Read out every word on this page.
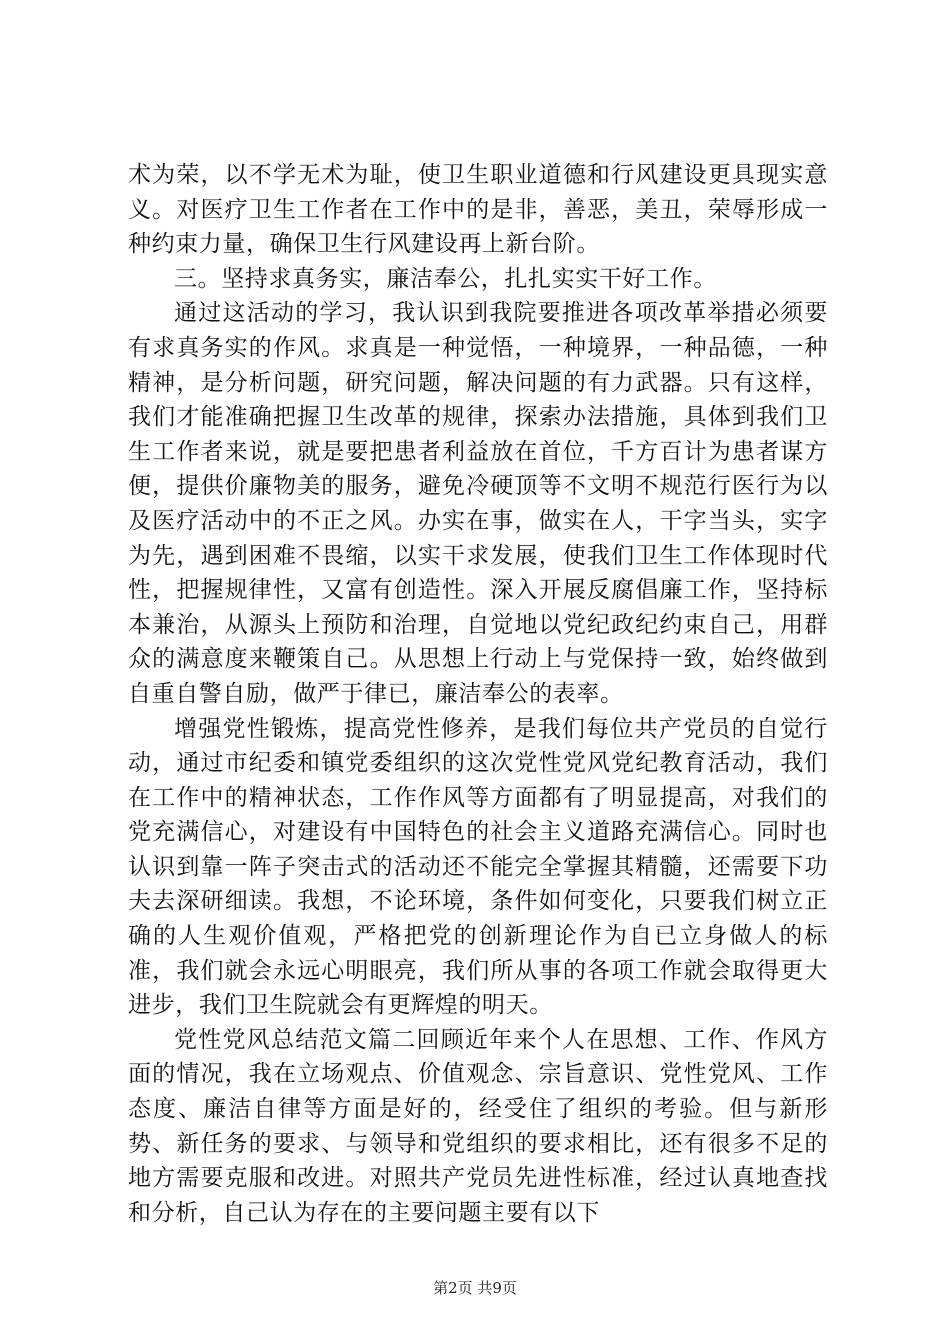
术为荣，以不学无术为耻，使卫生职业道德和行风建设更具现实意义。对医疗卫生工作者在工作中的是非，善恶，美丑，荣辱形成一种约束力量，确保卫生行风建设再上新台阶。

三。坚持求真务实，廉洁奉公，扎扎实实干好工作。

通过这活动的学习，我认识到我院要推进各项改革举措必须要有求真务实的作风。求真是一种觉悟，一种境界，一种品德，一种精神，是分析问题，研究问题，解决问题的有力武器。只有这样，我们才能准确把握卫生改革的规律，探索办法措施，具体到我们卫生工作者来说，就是要把患者利益放在首位，千方百计为患者谋方便，提供价廉物美的服务，避免冷硬顶等不文明不规范行医行为以及医疗活动中的不正之风。办实在事，做实在人，干字当头，实字为先，遇到困难不畏缩，以实干求发展，使我们卫生工作体现时代性，把握规律性，又富有创造性。深入开展反腐倡廉工作，坚持标本兼治，从源头上预防和治理，自觉地以党纪政纪约束自己，用群众的满意度来鞭策自己。从思想上行动上与党保持一致，始终做到自重自警自励，做严于律已，廉洁奉公的表率。

增强党性锻炼，提高党性修养，是我们每位共产党员的自觉行动，通过市纪委和镇党委组织的这次党性党风党纪教育活动，我们在工作中的精神状态，工作作风等方面都有了明显提高，对我们的党充满信心，对建设有中国特色的社会主义道路充满信心。同时也认识到靠一阵子突击式的活动还不能完全掌握其精髓，还需要下功夫去深研细读。我想，不论环境，条件如何变化，只要我们树立正确的人生观价值观，严格把党的创新理论作为自已立身做人的标准，我们就会永远心明眼亮，我们所从事的各项工作就会取得更大进步，我们卫生院就会有更辉煌的明天。

党性党风总结范文篇二回顾近年来个人在思想、工作、作风方面的情况，我在立场观点、价值观念、宗旨意识、党性党风、工作态度、廉洁自律等方面是好的，经受住了组织的考验。但与新形势、新任务的要求、与领导和党组织的要求相比，还有很多不足的地方需要克服和改进。对照共产党员先进性标准，经过认真地查找和分析，自己认为存在的主要问题主要有以下

第2页 共9页
